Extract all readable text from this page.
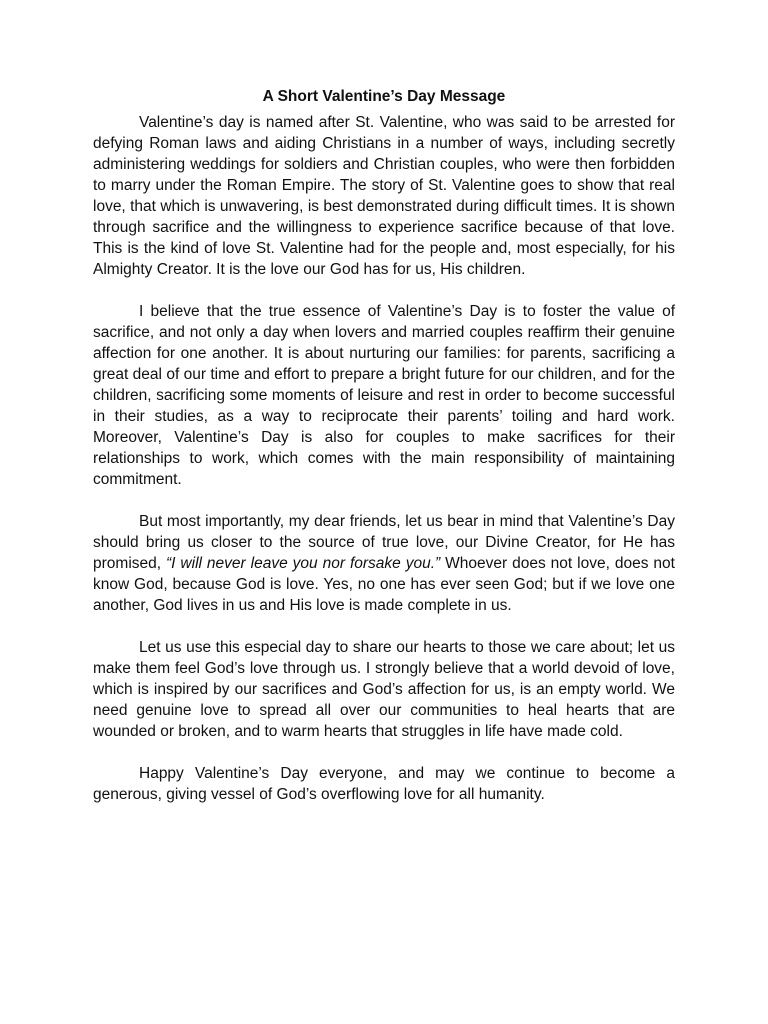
A Short Valentine’s Day Message

Valentine’s day is named after St. Valentine, who was said to be arrested for defying Roman laws and aiding Christians in a number of ways, including secretly administering weddings for soldiers and Christian couples, who were then forbidden to marry under the Roman Empire. The story of St. Valentine goes to show that real love, that which is unwavering, is best demonstrated during difficult times. It is shown through sacrifice and the willingness to experience sacrifice because of that love. This is the kind of love St. Valentine had for the people and, most especially, for his Almighty Creator. It is the love our God has for us, His children.

I believe that the true essence of Valentine’s Day is to foster the value of sacrifice, and not only a day when lovers and married couples reaffirm their genuine affection for one another. It is about nurturing our families: for parents, sacrificing a great deal of our time and effort to prepare a bright future for our children, and for the children, sacrificing some moments of leisure and rest in order to become successful in their studies, as a way to reciprocate their parents’ toiling and hard work. Moreover, Valentine’s Day is also for couples to make sacrifices for their relationships to work, which comes with the main responsibility of maintaining commitment.

But most importantly, my dear friends, let us bear in mind that Valentine’s Day should bring us closer to the source of true love, our Divine Creator, for He has promised, “I will never leave you nor forsake you.” Whoever does not love, does not know God, because God is love. Yes, no one has ever seen God; but if we love one another, God lives in us and His love is made complete in us.

Let us use this especial day to share our hearts to those we care about; let us make them feel God’s love through us. I strongly believe that a world devoid of love, which is inspired by our sacrifices and God’s affection for us, is an empty world. We need genuine love to spread all over our communities to heal hearts that are wounded or broken, and to warm hearts that struggles in life have made cold.

Happy Valentine’s Day everyone, and may we continue to become a generous, giving vessel of God’s overflowing love for all humanity.
